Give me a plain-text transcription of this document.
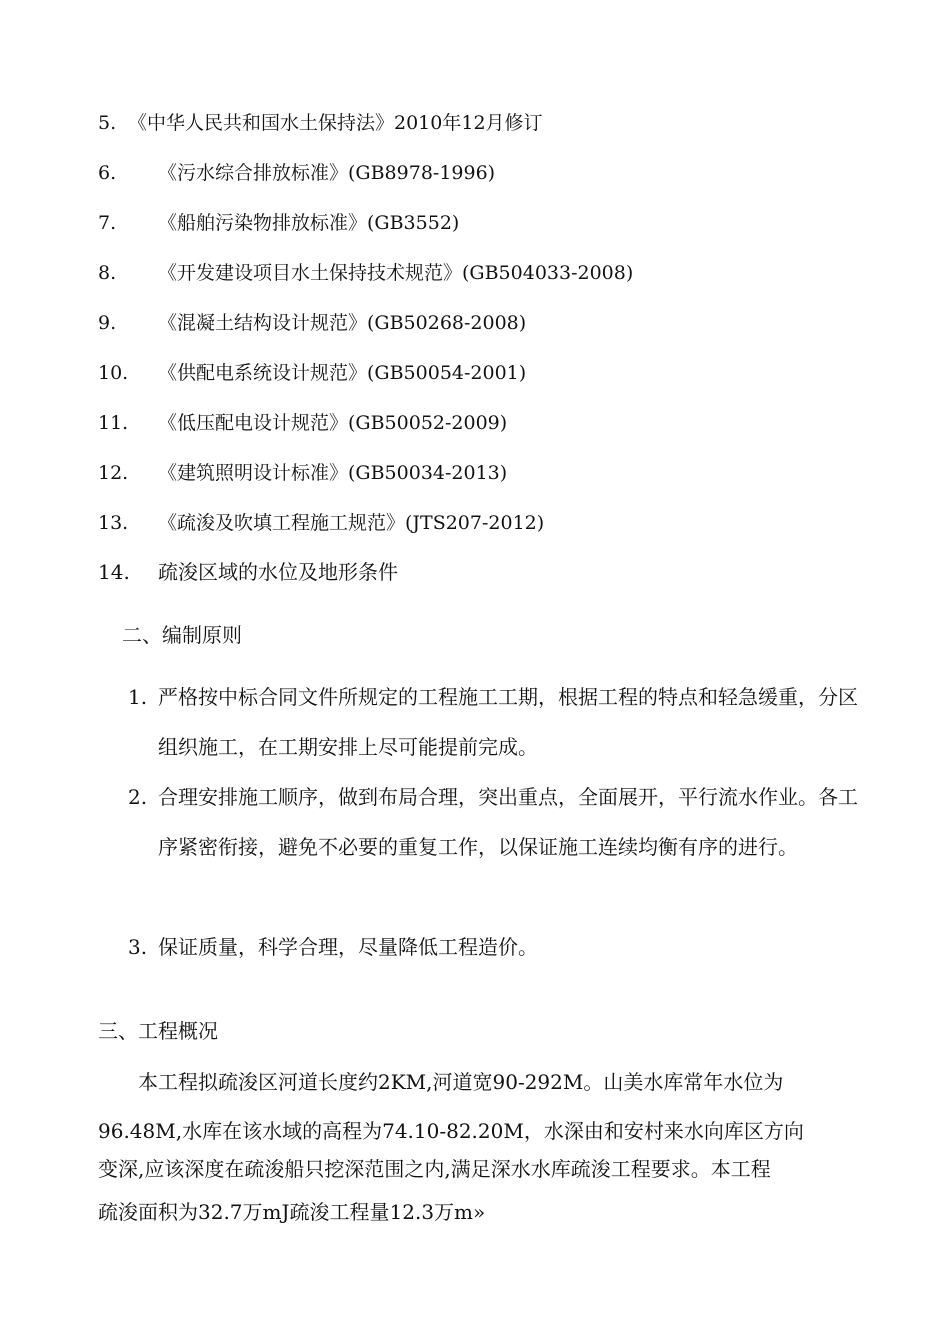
5. 《中华人民共和国水土保持法》2010年12月修订
6. 《污水综合排放标准》(GB8978-1996)
7. 《船舶污染物排放标准》(GB3552)
8. 《开发建设项目水土保持技术规范》(GB504033-2008)
9. 《混凝土结构设计规范》(GB50268-2008)
10. 《供配电系统设计规范》(GB50054-2001)
11. 《低压配电设计规范》(GB50052-2009)
12. 《建筑照明设计标准》(GB50034-2013)
13. 《疏浚及吹填工程施工规范》(JTS207-2012)
14. 疏浚区域的水位及地形条件
二、编制原则
1. 严格按中标合同文件所规定的工程施工工期，根据工程的特点和轻急缓重，分区组织施工，在工期安排上尽可能提前完成。
2. 合理安排施工顺序，做到布局合理，突出重点，全面展开，平行流水作业。各工序紧密衔接，避免不必要的重复工作，以保证施工连续均衡有序的进行。
3. 保证质量，科学合理，尽量降低工程造价。
三、工程概况
　　本工程拟疏浚区河道长度约2KM,河道宽90-292M。山美水库常年水位为
96.48M,水库在该水域的高程为74.10-82.20M，水深由和安村来水向库区方向
变深,应该深度在疏浚船只挖深范围之内,满足深水水库疏浚工程要求。本工程
疏浚面积为32.7万mJ疏浚工程量12.3万m»
